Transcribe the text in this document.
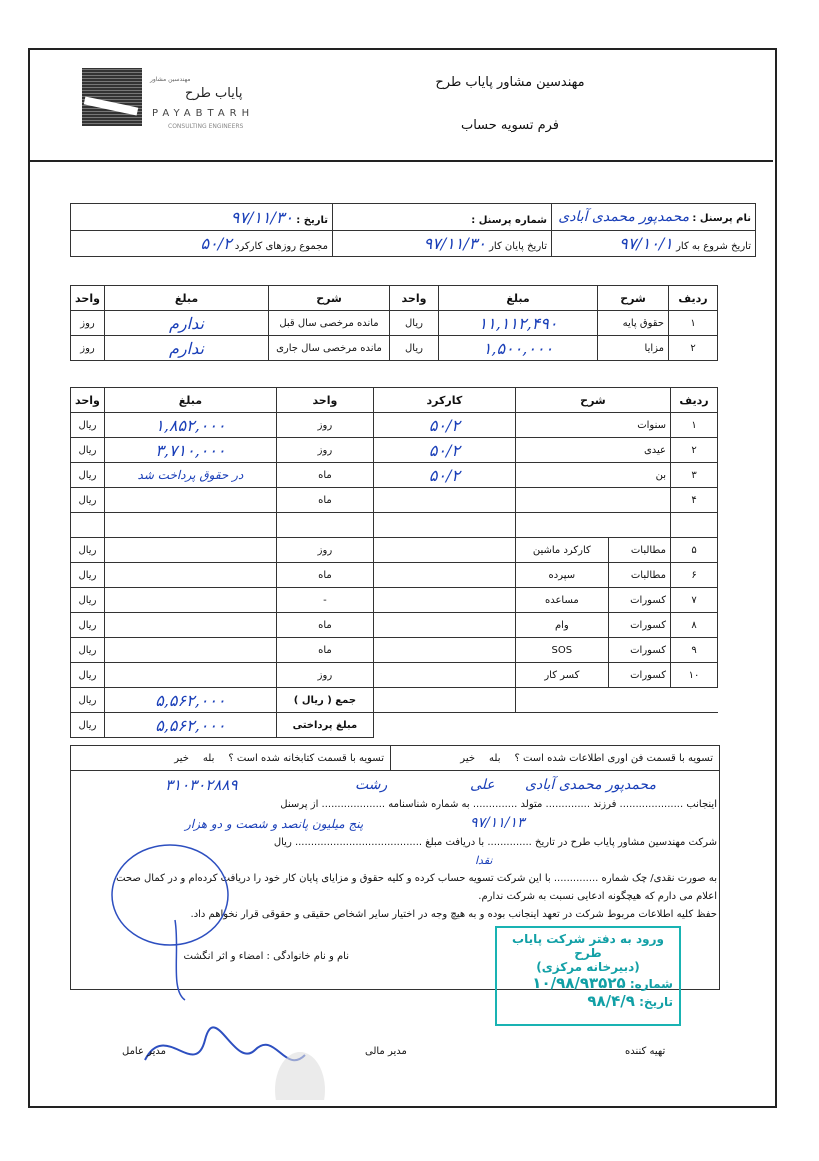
مهندسین مشاور
پایاب طرح
PAYABTARH
CONSULTING ENGINEERS
مهندسین مشاور پایاب طرح
فرم تسویه حساب
نام پرسنل : محمدپور محمدی آبادی	شماره پرسنل :	تاریخ : ۹۷/۱۱/۳۰
تاریخ شروع به کار ۹۷/۱۰/۱	تاریخ پایان کار ۹۷/۱۱/۳۰	مجموع روزهای کارکرد ۵۰/۲
ردیف	شرح	مبلغ	واحد	شرح	مبلغ	واحد
۱	حقوق پایه	۱۱,۱۱۲,۴۹۰	ریال	مانده مرخصی سال قبل	ندارم	روز
۲	مزایا	۱,۵۰۰,۰۰۰	ریال	مانده مرخصی سال جاری	ندارم	روز
ردیف	شرح		کارکرد	واحد	مبلغ	واحد
۱	سنوات		۵۰/۲	روز	۱,۸۵۲,۰۰۰	ریال
۲	عیدی		۵۰/۲	روز	۳,۷۱۰,۰۰۰	ریال
۳	بن		۵۰/۲	ماه	در حقوق پرداخت شد	ریال
۴				ماه		ریال

۵	مطالبات	کارکرد ماشین		روز		ریال
۶	مطالبات	سپرده		ماه		ریال
۷	کسورات	مساعده		-		ریال
۸	کسورات	وام		ماه		ریال
۹	کسورات	SOS		ماه		ریال
۱۰	کسورات	کسر کار		روز		ریال
				جمع ( ریال )	۵,۵۶۲,۰۰۰	ریال
				مبلغ پرداختی	۵,۵۶۲,۰۰۰	ریال
تسویه با قسمت فن اوری اطلاعات شده است ؟
بله
خیر
تسویه با قسمت کتابخانه شده است ؟
بله
خیر
اینجانب .................... فرزند .............. متولد .............. به شماره شناسنامه .................... از پرسنل
شرکت مهندسین مشاور پایاب طرح در تاریخ .............. با دریافت مبلغ ........................................ ریال
به صورت نقدی/ چک شماره .............. با این شرکت تسویه حساب کرده و کلیه حقوق و مزایای پایان کار خود را دریافت کرده‌ام و در کمال صحت
اعلام می دارم که هیچگونه ادعایی نسبت به شرکت ندارم.
حفظ کلیه اطلاعات مربوط شرکت در تعهد اینجانب بوده و به هیچ وجه در اختیار سایر اشخاص حقیقی و حقوقی قرار نخواهم داد.
نام و نام خانوادگی : امضاء و اثر انگشت
محمدپور محمدی آبادی
علی
رشت
۳۱۰۳۰۲۸۸۹
۹۷/۱۱/۱۳
پنج میلیون پانصد و شصت و دو هزار
نقدا
ورود به دفتر شرکت پایاب طرح
(دبیرخانه مرکزی)
شماره: ۱۰/۹۸/۹۳۵۲۵
تاریخ: ۹۸/۴/۹
تهیه کننده
مدیر مالی
مدیر عامل
